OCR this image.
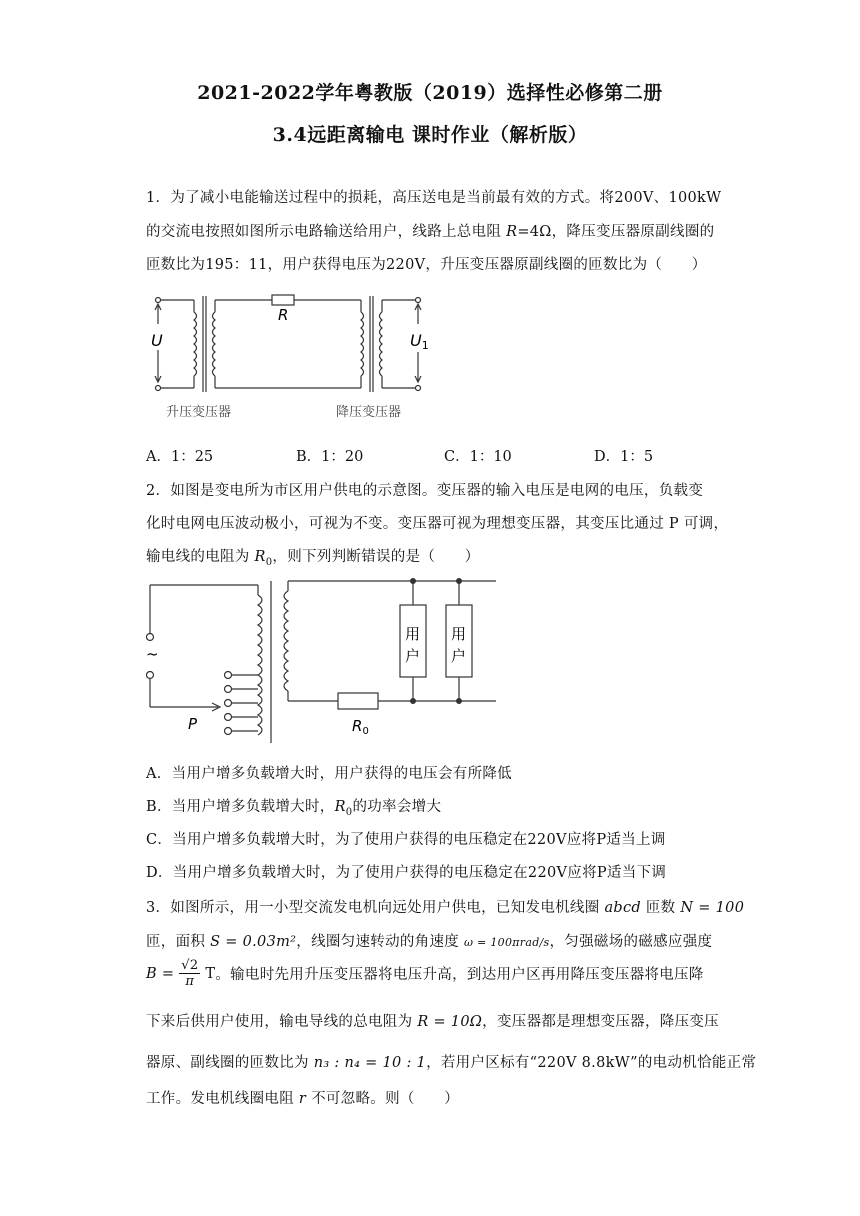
2021-2022学年粤教版（2019）选择性必修第二册
3.4远距离输电 课时作业（解析版）
1．为了减小电能输送过程中的损耗，高压送电是当前最有效的方式。将200V、100kW
的交流电按照如图所示电路输送给用户，线路上总电阻 R=4Ω，降压变压器原副线圈的
匝数比为195：11，用户获得电压为220V，升压变压器原副线圈的匝数比为（　　）
U
R
U1
升压变压器	降压变压器
A．1：25	B．1：20	C．1：10	D．1：5
2．如图是变电所为市区用户供电的示意图。变压器的输入电压是电网的电压，负载变
化时电网电压波动极小，可视为不变。变压器可视为理想变压器，其变压比通过 P 可调，
输电线的电阻为 $R_0$，则下列判断错误的是（　　）
~
P	$R_0$
用
户
用
户
A．当用户增多负载增大时，用户获得的电压会有所降低
B．当用户增多负载增大时，$R_0$的功率会增大
C．当用户增多负载增大时，为了使用户获得的电压稳定在220V应将P适当上调
D．当用户增多负载增大时，为了使用户获得的电压稳定在220V应将P适当下调
3．如图所示，用一小型交流发电机向远处用户供电，已知发电机线圈 abcd 匝数 N = 100
匝，面积 S = 0.03m²，线圈匀速转动的角速度 ω = 100πrad/s，匀强磁场的磁感应强度
$B = \frac{√2}{\pi}$ T。输电时先用升压变压器将电压升高，到达用户区再用降压变压器将电压降
下来后供用户使用，输电导线的总电阻为 R = 10Ω，变压器都是理想变压器，降压变压
器原、副线圈的匝数比为 n₃ : n₄ = 10 : 1，若用户区标有“220V 8.8kW”的电动机恰能正常
工作。发电机线圈电阻 r 不可忽略。则（　　）
